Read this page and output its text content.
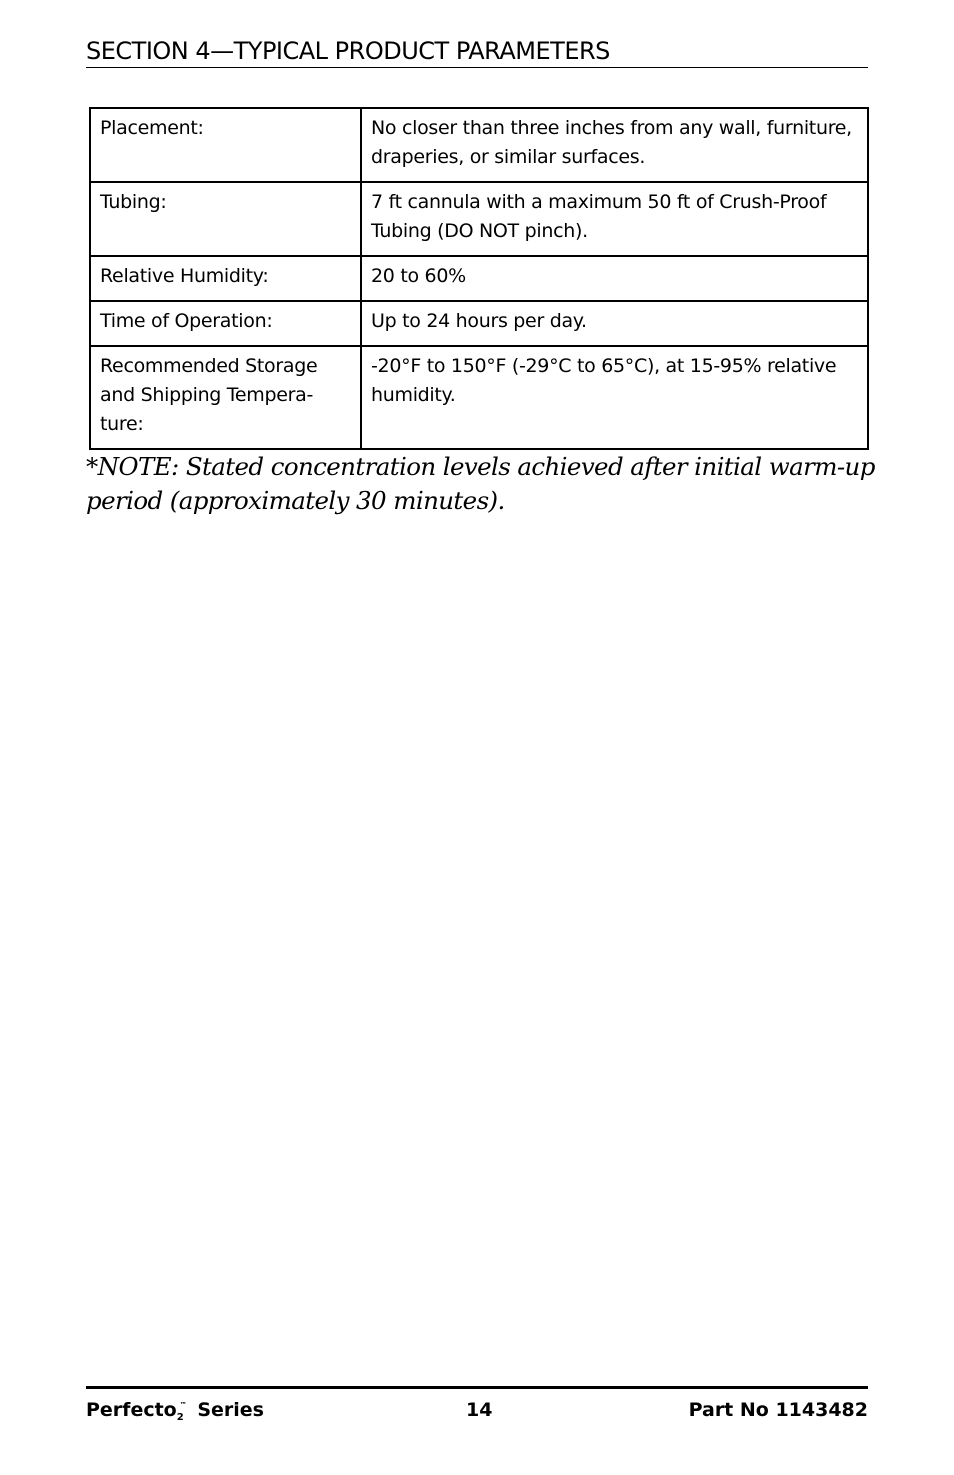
SECTION 4—TYPICAL PRODUCT PARAMETERS
Placement:	No closer than three inches from any wall, furniture, draperies, or similar surfaces.
Tubing:	7 ft cannula with a maximum 50 ft of Crush-Proof Tubing (DO NOT pinch).
Relative Humidity:	20 to 60%
Time of Operation:	Up to 24 hours per day.
Recommended Storage and Shipping Tempera-ture:	-20°F to 150°F (-29°C to 65°C), at 15-95% relative humidity.

*NOTE: Stated concentration levels achieved after initial warm-up period (approximately 30 minutes).

Perfecto$_2$™ Series	14	Part No 1143482
